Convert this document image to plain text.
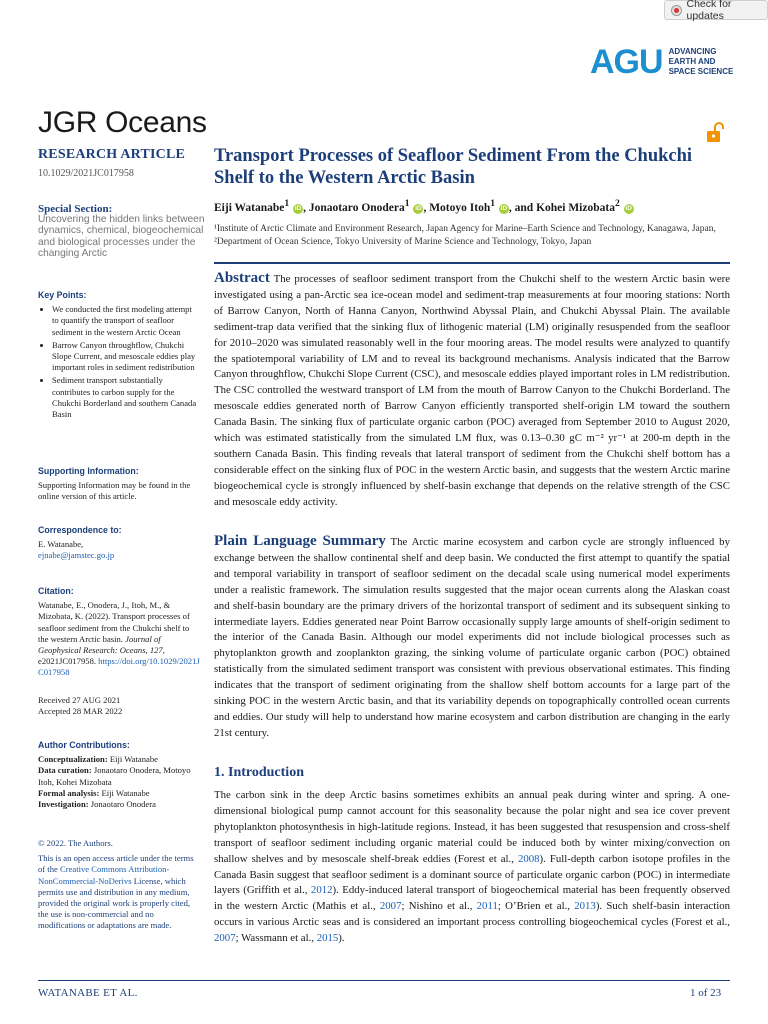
Check for updates
AGU ADVANCING
EARTH AND
SPACE SCIENCE
JGR Oceans
RESEARCH ARTICLE
10.1029/2021JC017958
Special Section:
Uncovering the hidden links between dynamics, chemical, biogeochemical and biological processes under the changing Arctic

Key Points:

• We conducted the first modeling attempt to quantify the transport of seafloor sediment in the western Arctic Ocean
• Barrow Canyon throughflow, Chukchi Slope Current, and mesoscale eddies play important roles in sediment redistribution
• Sediment transport substantially contributes to carbon supply for the Chukchi Borderland and southern Canada Basin

Supporting Information:

Supporting Information may be found in the online version of this article.

Correspondence to:

E. Watanabe,
ejnabe@jamstec.go.jp

Citation:

Watanabe, E., Onodera, J., Itoh, M., & Mizobata, K. (2022). Transport processes of seafloor sediment from the Chukchi shelf to the western Arctic basin. Journal of Geophysical Research: Oceans, 127, e2021JC017958. https://doi.org/10.1029/2021JC017958
Received 27 AUG 2021
Accepted 28 MAR 2022

Author Contributions:

Conceptualization: Eiji Watanabe
Data curation: Jonaotaro Onodera, Motoyo Itoh, Kohei Mizobata
Formal analysis: Eiji Watanabe
Investigation: Jonaotaro Onodera
© 2022. The Authors.
This is an open access article under the terms of the Creative Commons Attribution-NonCommercial-NoDerivs License, which permits use and distribution in any medium, provided the original work is properly cited, the use is non-commercial and no modifications or adaptations are made.
Transport Processes of Seafloor Sediment From the Chukchi Shelf to the Western Arctic Basin
Eiji Watanabe$^1$ iD , Jonaotaro Onodera$^1$ iD , Motoyo Itoh$^1$ iD , and Kohei Mizobata$^2$ iD
¹Institute of Arctic Climate and Environment Research, Japan Agency for Marine–Earth Science and Technology, Kanagawa, Japan, ²Department of Ocean Science, Tokyo University of Marine Science and Technology, Tokyo, Japan
Abstract The processes of seafloor sediment transport from the Chukchi shelf to the western Arctic basin were investigated using a pan-Arctic sea ice-ocean model and sediment-trap measurements at four mooring stations: North of Barrow Canyon, North of Hanna Canyon, Northwind Abyssal Plain, and Chukchi Abyssal Plain. The available sediment-trap data verified that the sinking flux of lithogenic material (LM) originally resuspended from the seafloor for 2010–2020 was simulated reasonably well in the four mooring areas. The model results were analyzed to quantify the spatiotemporal variability of LM and to reveal its background mechanisms. Analysis indicated that the Barrow Canyon throughflow, Chukchi Slope Current (CSC), and mesoscale eddies played important roles in LM redistribution. The CSC controlled the westward transport of LM from the mouth of Barrow Canyon to the Chukchi Borderland. The mesoscale eddies generated north of Barrow Canyon efficiently transported shelf-origin LM toward the southern Canada Basin. The sinking flux of particulate organic carbon (POC) averaged from September 2010 to August 2020, which was estimated statistically from the simulated LM flux, was 0.13–0.30 gC m⁻² yr⁻¹ at 200-m depth in the southern Canada Basin. This finding reveals that lateral transport of sediment from the Chukchi shelf bottom has a considerable effect on the sinking flux of POC in the western Arctic basin, and suggests that the western Arctic marine biogeochemical cycle is strongly influenced by shelf-basin exchange that depends on the relative strength of the CSC and mesoscale eddy activity.
Plain Language Summary The Arctic marine ecosystem and carbon cycle are strongly influenced by exchange between the shallow continental shelf and deep basin. We conducted the first attempt to quantify the spatial and temporal variability in transport of seafloor sediment on the decadal scale using numerical model experiments under a realistic framework. The simulation results suggested that the major ocean currents along the Alaskan coast and shelf-basin boundary are the primary drivers of the horizontal transport of sediment and its subsequent sinking to intermediate layers. Eddies generated near Point Barrow occasionally supply large amounts of shelf-origin sediment to the interior of the Canada Basin. Although our model experiments did not include biological processes such as phytoplankton growth and zooplankton grazing, the sinking volume of particulate organic carbon (POC) obtained statistically from the simulated sediment transport was consistent with previous observational estimates. This finding indicates that the transport of sediment originating from the shallow shelf bottom accounts for a large part of the sinking POC in the western Arctic basin, and that its variability depends on topographically controlled ocean currents and eddies. Our study will help to understand how marine ecosystem and carbon distribution are changing in the early 21st century.
1. Introduction
The carbon sink in the deep Arctic basins sometimes exhibits an annual peak during winter and spring. A one-dimensional biological pump cannot account for this seasonality because the polar night and sea ice cover prevent phytoplankton photosynthesis in high-latitude regions. Instead, it has been suggested that resuspension and cross-shelf transport of seafloor sediment including organic material could be induced both by winter mixing/convection on shallow shelves and by mesoscale shelf-break eddies (Forest et al., 2008). Full-depth carbon isotope profiles in the Canada Basin suggest that seafloor sediment is a dominant source of particulate organic carbon (POC) in intermediate layers (Griffith et al., 2012). Eddy-induced lateral transport of biogeochemical material has been frequently observed in the western Arctic (Mathis et al., 2007; Nishino et al., 2011; O’Brien et al., 2013). Such shelf-basin interaction occurs in various Arctic seas and is considered an important process controlling biogeochemical cycles (Forest et al., 2007; Wassmann et al., 2015).
WATANABE ET AL.	1 of 23
